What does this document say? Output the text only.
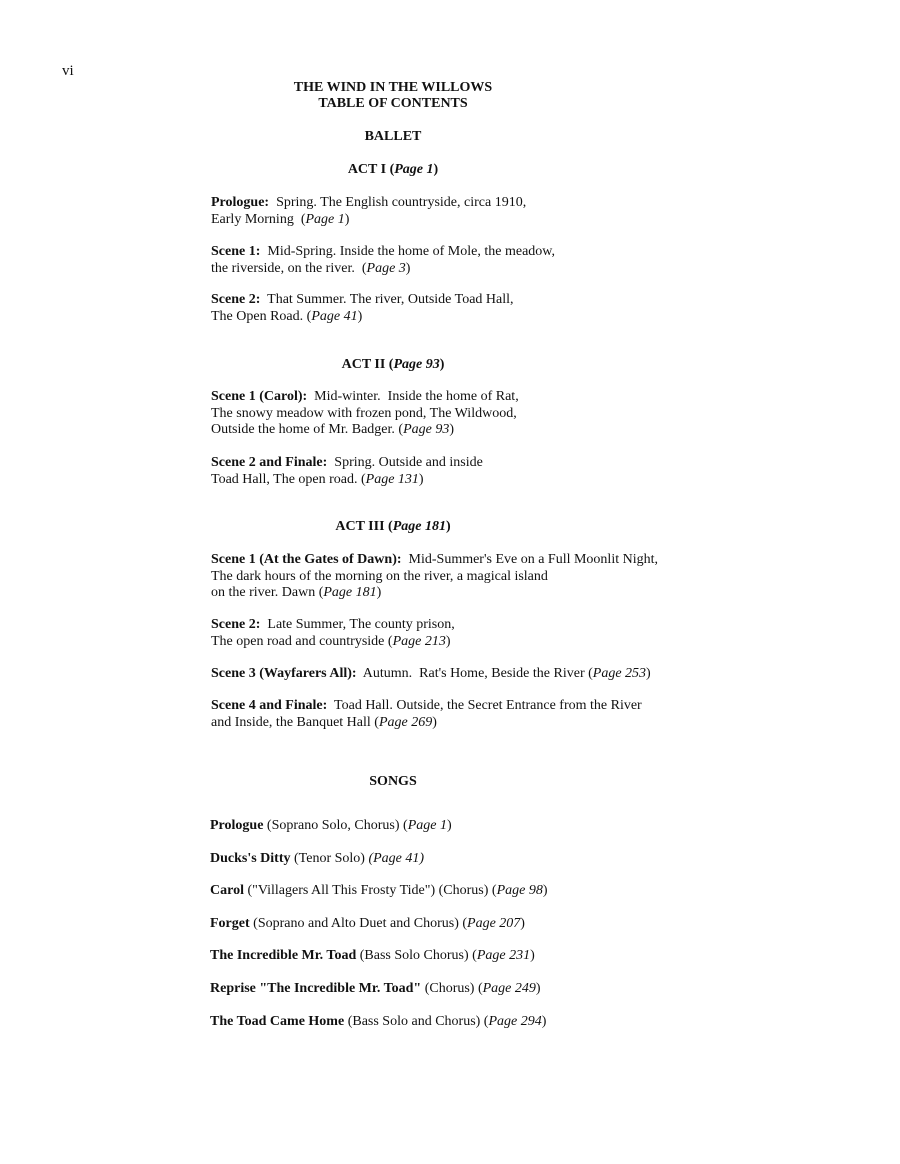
vi
THE WIND IN THE WILLOWS
TABLE OF CONTENTS
BALLET
ACT I (Page 1)
Prologue:  Spring. The English countryside, circa 1910,
Early Morning  (Page 1)
Scene 1:  Mid-Spring. Inside the home of Mole, the meadow,
the riverside, on the river.  (Page 3)
Scene 2:  That Summer. The river, Outside Toad Hall,
The Open Road. (Page 41)
ACT II (Page 93)
Scene 1 (Carol):  Mid-winter.  Inside the home of Rat,
The snowy meadow with frozen pond, The Wildwood,
Outside the home of Mr. Badger. (Page 93)
Scene 2 and Finale:  Spring. Outside and inside
Toad Hall, The open road. (Page 131)
ACT III (Page 181)
Scene 1 (At the Gates of Dawn):  Mid-Summer's Eve on a Full Moonlit Night,
The dark hours of the morning on the river, a magical island
on the river. Dawn (Page 181)
Scene 2:  Late Summer, The county prison,
The open road and countryside (Page 213)
Scene 3 (Wayfarers All):  Autumn.  Rat's Home, Beside the River (Page 253)
Scene 4 and Finale:  Toad Hall. Outside, the Secret Entrance from the River
and Inside, the Banquet Hall (Page 269)
SONGS
Prologue (Soprano Solo, Chorus) (Page 1)
Ducks's Ditty (Tenor Solo) (Page 41)
Carol ("Villagers All This Frosty Tide") (Chorus) (Page 98)
Forget (Soprano and Alto Duet and Chorus) (Page 207)
The Incredible Mr. Toad (Bass Solo Chorus) (Page 231)
Reprise "The Incredible Mr. Toad" (Chorus) (Page 249)
The Toad Came Home (Bass Solo and Chorus) (Page 294)
